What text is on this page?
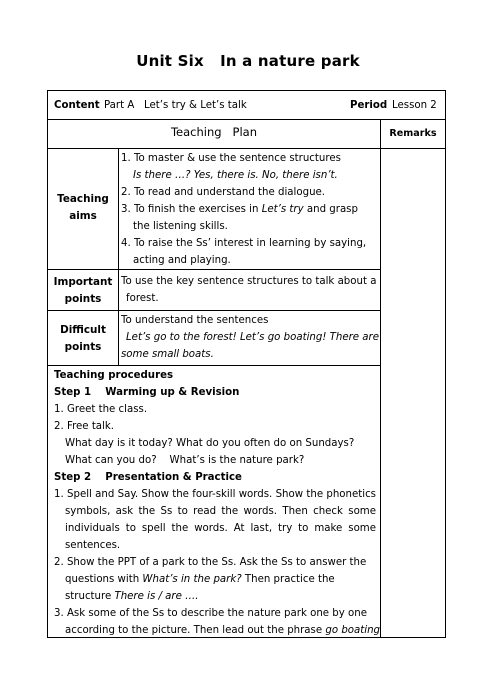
Unit Six   In a nature park
Content Part A   Let’s try & Let’s talk	Period Lesson 2
Teaching   Plan	Remarks
Teaching
aims
1. To master & use the sentence structures
Is there …? Yes, there is. No, there isn’t.
2. To read and understand the dialogue.
3. To finish the exercises in Let’s try and grasp
the listening skills.
4. To raise the Ss’ interest in learning by saying,
acting and playing.
Important
points
To use the key sentence structures to talk about a
forest.
Difficult
points
To understand the sentences
Let’s go to the forest! Let’s go boating! There are
some small boats.
Teaching procedures
Step 1    Warming up & Revision
1. Greet the class.
2. Free talk.
What day is it today? What do you often do on Sundays?
What can you do?    What’s is the nature park?
Step 2    Presentation & Practice
1. Spell and Say. Show the four-skill words. Show the phonetics
symbols, ask the Ss to read the words. Then check some
individuals to spell the words. At last, try to make some
sentences.
2. Show the PPT of a park to the Ss. Ask the Ss to answer the
questions with What’s in the park? Then practice the
structure There is / are ….
3. Ask some of the Ss to describe the nature park one by one
according to the picture. Then lead out the phrase go boating
